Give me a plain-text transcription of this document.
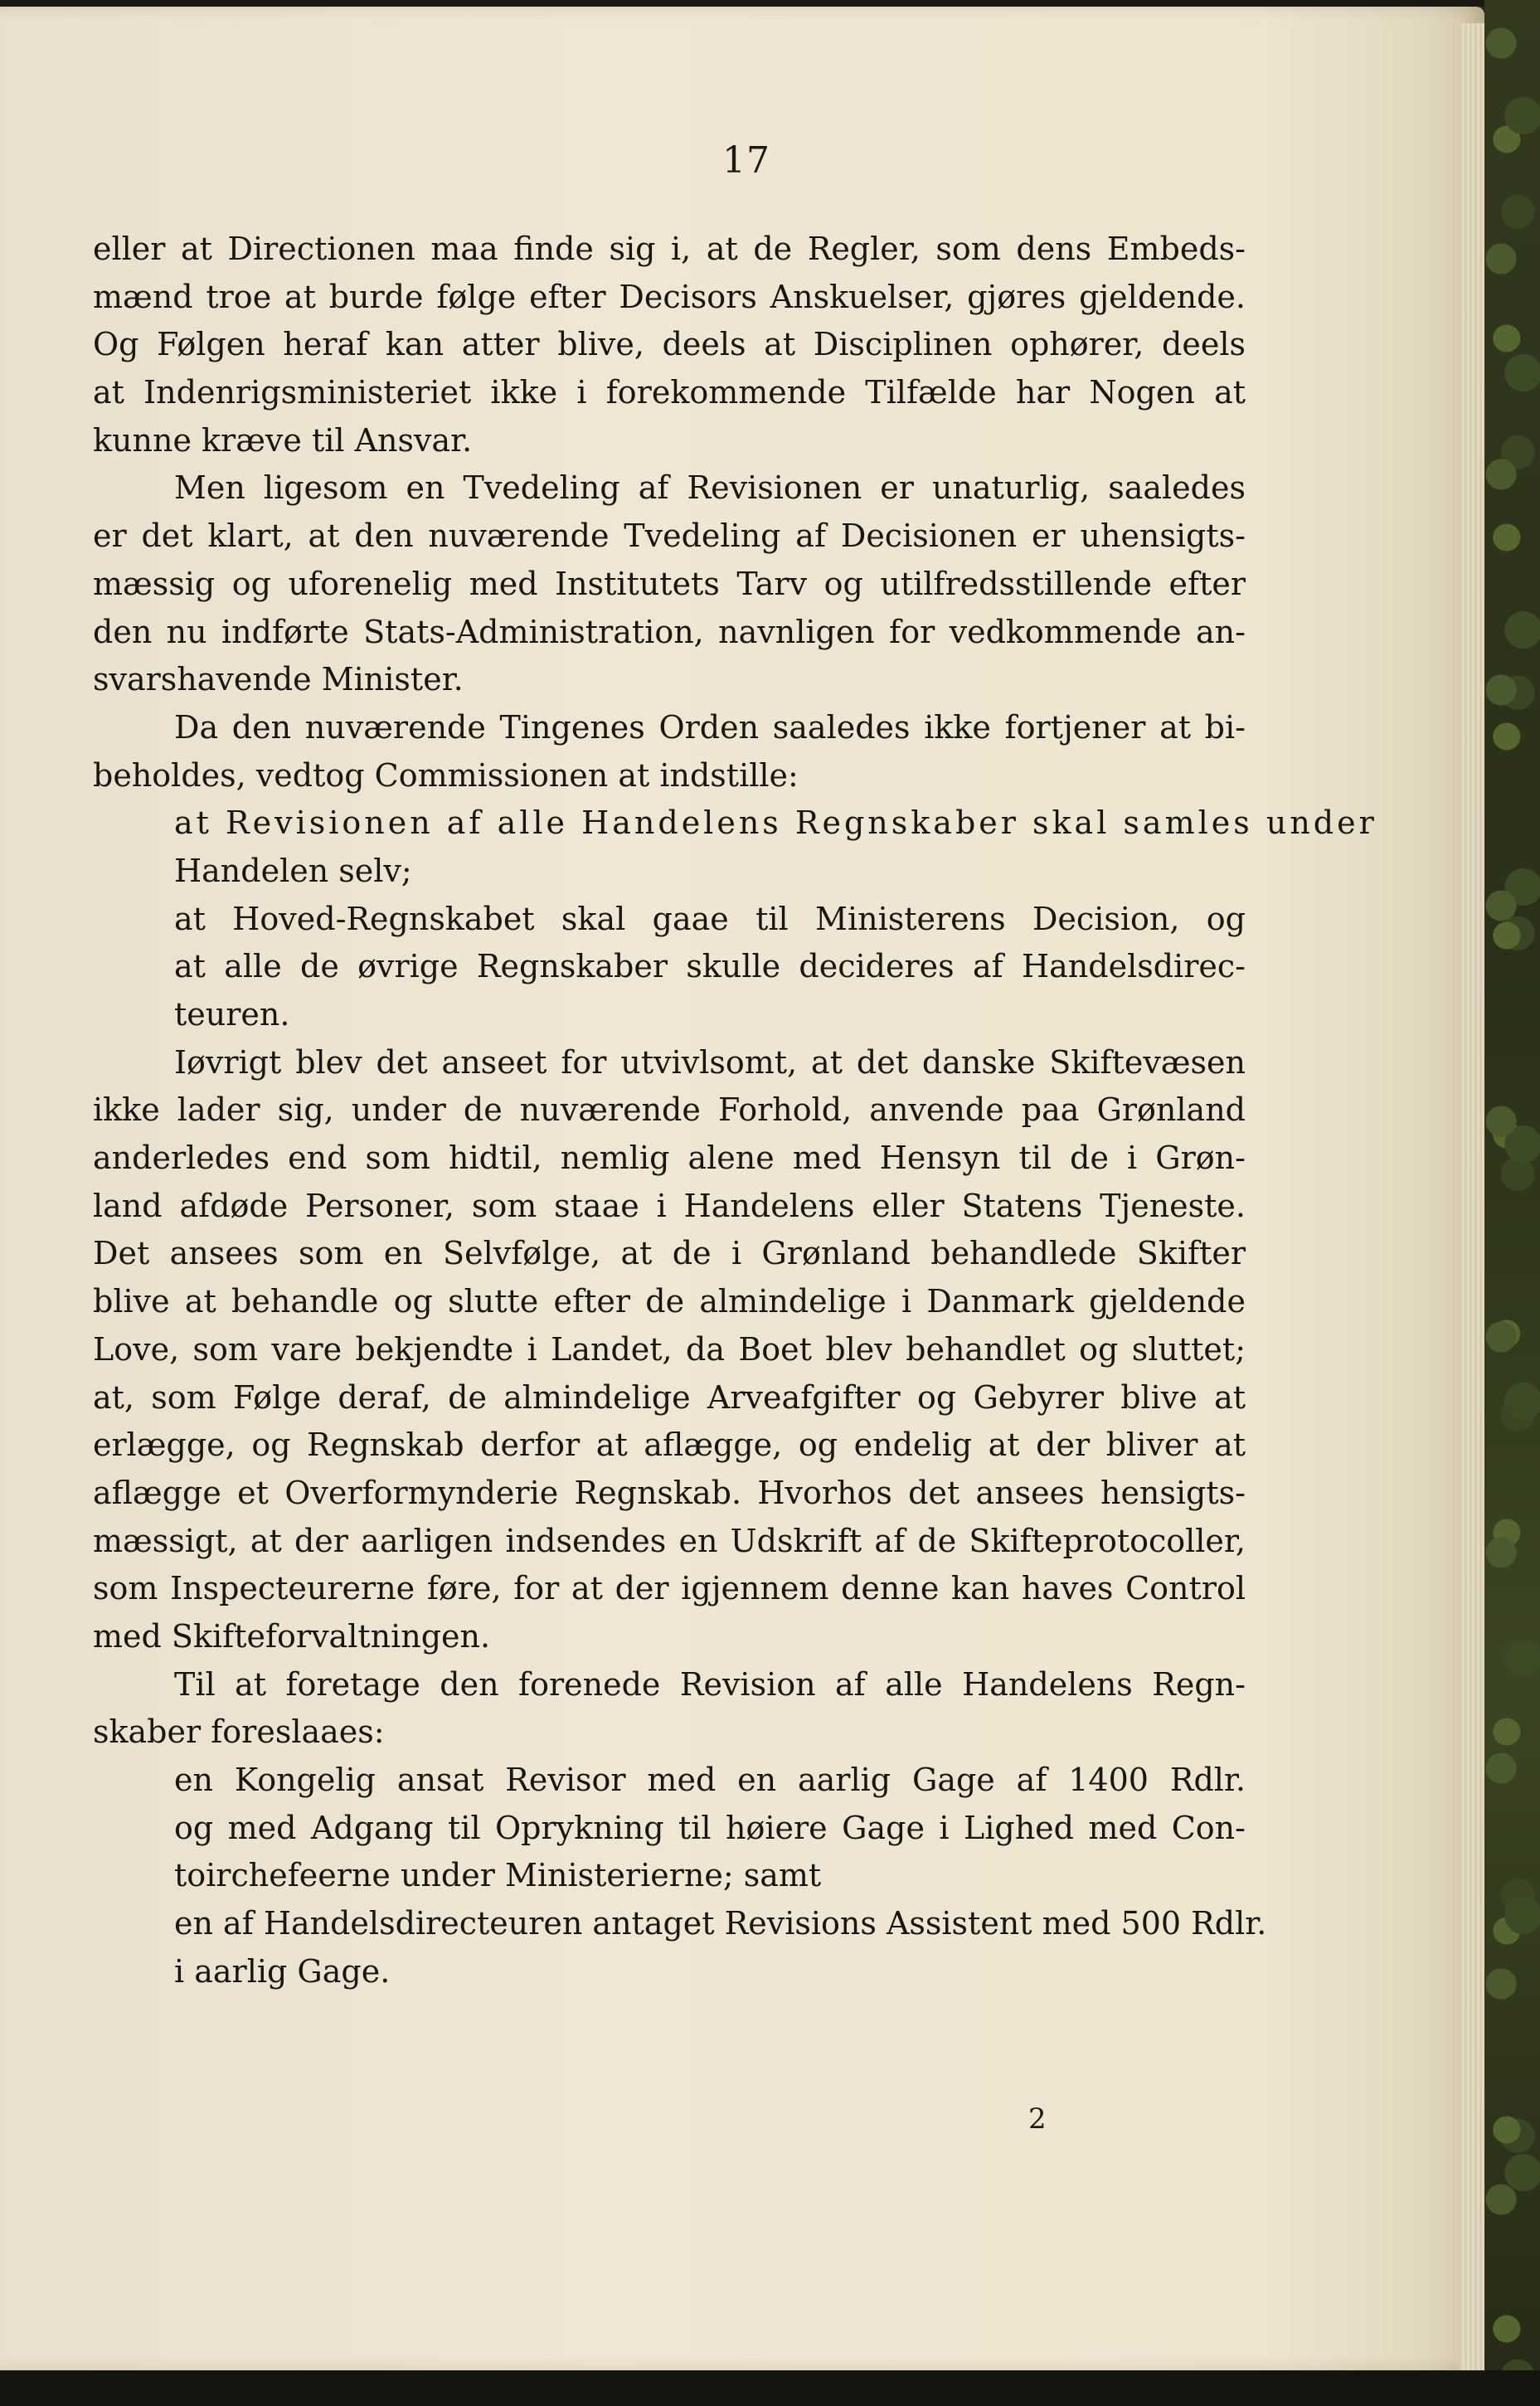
17
eller at Directionen maa finde sig i, at de Regler, som dens Embeds-
mænd troe at burde følge efter Decisors Anskuelser, gjøres gjeldende.
Og Følgen heraf kan atter blive, deels at Disciplinen ophører, deels
at Indenrigsministeriet ikke i forekommende Tilfælde har Nogen at
kunne kræve til Ansvar.
Men ligesom en Tvedeling af Revisionen er unaturlig, saaledes
er det klart, at den nuværende Tvedeling af Decisionen er uhensigts-
mæssig og uforenelig med Institutets Tarv og utilfredsstillende efter
den nu indførte Stats-Administration, navnligen for vedkommende an-
svarshavende Minister.
Da den nuværende Tingenes Orden saaledes ikke fortjener at bi-
beholdes, vedtog Commissionen at indstille:
at Revisionen af alle Handelens Regnskaber skal samles under
Handelen selv;
at Hoved-Regnskabet skal gaae til Ministerens Decision, og
at alle de øvrige Regnskaber skulle decideres af Handelsdirec-
teuren.
Iøvrigt blev det anseet for utvivlsomt, at det danske Skiftevæsen
ikke lader sig, under de nuværende Forhold, anvende paa Grønland
anderledes end som hidtil, nemlig alene med Hensyn til de i Grøn-
land afdøde Personer, som staae i Handelens eller Statens Tjeneste.
Det ansees som en Selvfølge, at de i Grønland behandlede Skifter
blive at behandle og slutte efter de almindelige i Danmark gjeldende
Love, som vare bekjendte i Landet, da Boet blev behandlet og sluttet;
at, som Følge deraf, de almindelige Arveafgifter og Gebyrer blive at
erlægge, og Regnskab derfor at aflægge, og endelig at der bliver at
aflægge et Overformynderie Regnskab. Hvorhos det ansees hensigts-
mæssigt, at der aarligen indsendes en Udskrift af de Skifteprotocoller,
som Inspecteurerne føre, for at der igjennem denne kan haves Control
med Skifteforvaltningen.
Til at foretage den forenede Revision af alle Handelens Regn-
skaber foreslaaes:
en Kongelig ansat Revisor med en aarlig Gage af 1400 Rdlr.
og med Adgang til Oprykning til høiere Gage i Lighed med Con-
toirchefeerne under Ministerierne; samt
en af Handelsdirecteuren antaget Revisions Assistent med 500 Rdlr.
i aarlig Gage.
2
